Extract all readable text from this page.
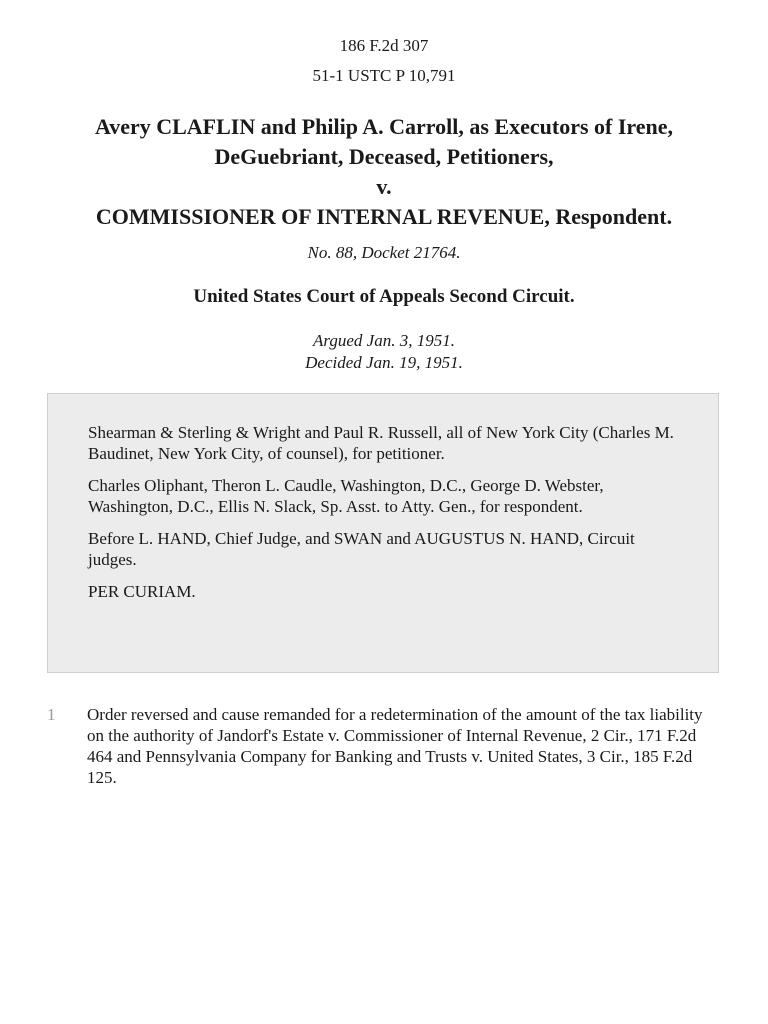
186 F.2d 307
51-1 USTC P 10,791
Avery CLAFLIN and Philip A. Carroll, as Executors of Irene,
DeGuebriant, Deceased, Petitioners,
v.
COMMISSIONER OF INTERNAL REVENUE, Respondent.
No. 88, Docket 21764.
United States Court of Appeals Second Circuit.
Argued Jan. 3, 1951.
Decided Jan. 19, 1951.

Shearman & Sterling & Wright and Paul R. Russell, all of New York City (Charles M. Baudinet, New York City, of counsel), for petitioner.

Charles Oliphant, Theron L. Caudle, Washington, D.C., George D. Webster, Washington, D.C., Ellis N. Slack, Sp. Asst. to Atty. Gen., for respondent.

Before L. HAND, Chief Judge, and SWAN and AUGUSTUS N. HAND, Circuit judges.

PER CURIAM.

1 Order reversed and cause remanded for a redetermination of the amount of the tax liability on the authority of Jandorf's Estate v. Commissioner of Internal Revenue, 2 Cir., 171 F.2d 464 and Pennsylvania Company for Banking and Trusts v. United States, 3 Cir., 185 F.2d 125.
